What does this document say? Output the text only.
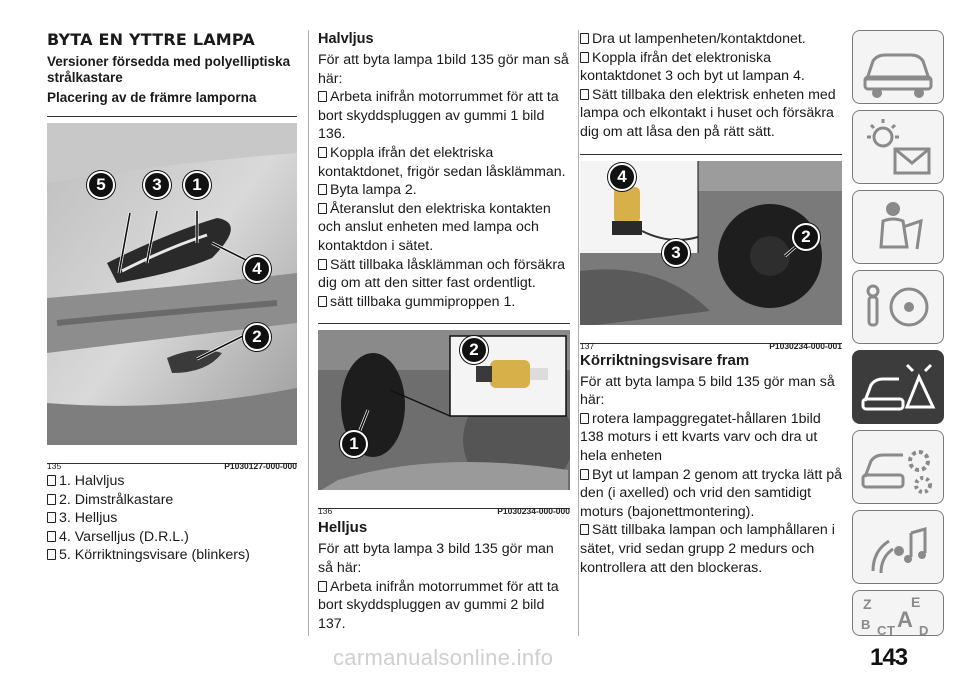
BYTA EN YTTRE LAMPA
Versioner försedda med polyelliptiska strålkastare
Placering av de främre lamporna
5	3	1
4
2
135	P1030127-000-000
1. Halvljus
2. Dimstrålkastare
3. Helljus
4. Varselljus (D.R.L.)
5. Körriktningsvisare (blinkers)
Halvljus

För att byta lampa 1bild 135 gör man så här:

Arbeta inifrån motorrummet för att ta bort skyddspluggen av gummi 1 bild 136.
Koppla ifrån det elektriska kontaktdonet, frigör sedan låsklämman.
Byta lampa 2.
Återanslut den elektriska kontakten och anslut enheten med lampa och kontaktdon i sätet.
Sätt tillbaka låsklämman och försäkra dig om att den sitter fast ordentligt.
sätt tillbaka gummiproppen 1.
2
1
136	P1030234-000-000
Helljus

För att byta lampa 3 bild 135 gör man så här:

Arbeta inifrån motorrummet för att ta bort skyddspluggen av gummi 2 bild 137.
Dra ut lampenheten/kontaktdonet.
Koppla ifrån det elektroniska kontaktdonet 3 och byt ut lampan 4.
Sätt tillbaka den elektrisk enheten med lampa och elkontakt i huset och försäkra dig om att låsa den på rätt sätt.
4
3
2
137	P1030234-000-001
Körriktningsvisare fram

För att byta lampa 5 bild 135 gör man så här:

rotera lampaggregatet-hållaren 1bild 138 moturs i ett kvarts varv och dra ut hela enheten
Byt ut lampan 2 genom att trycka lätt på den (i axelled) och vrid den samtidigt moturs (bajonettmontering).
Sätt tillbaka lampan och lamphållaren i sätet, vrid sedan grupp 2 medurs och kontrollera att den blockeras.
Z	E
B A
C T D
carmanualsonline.info	143
